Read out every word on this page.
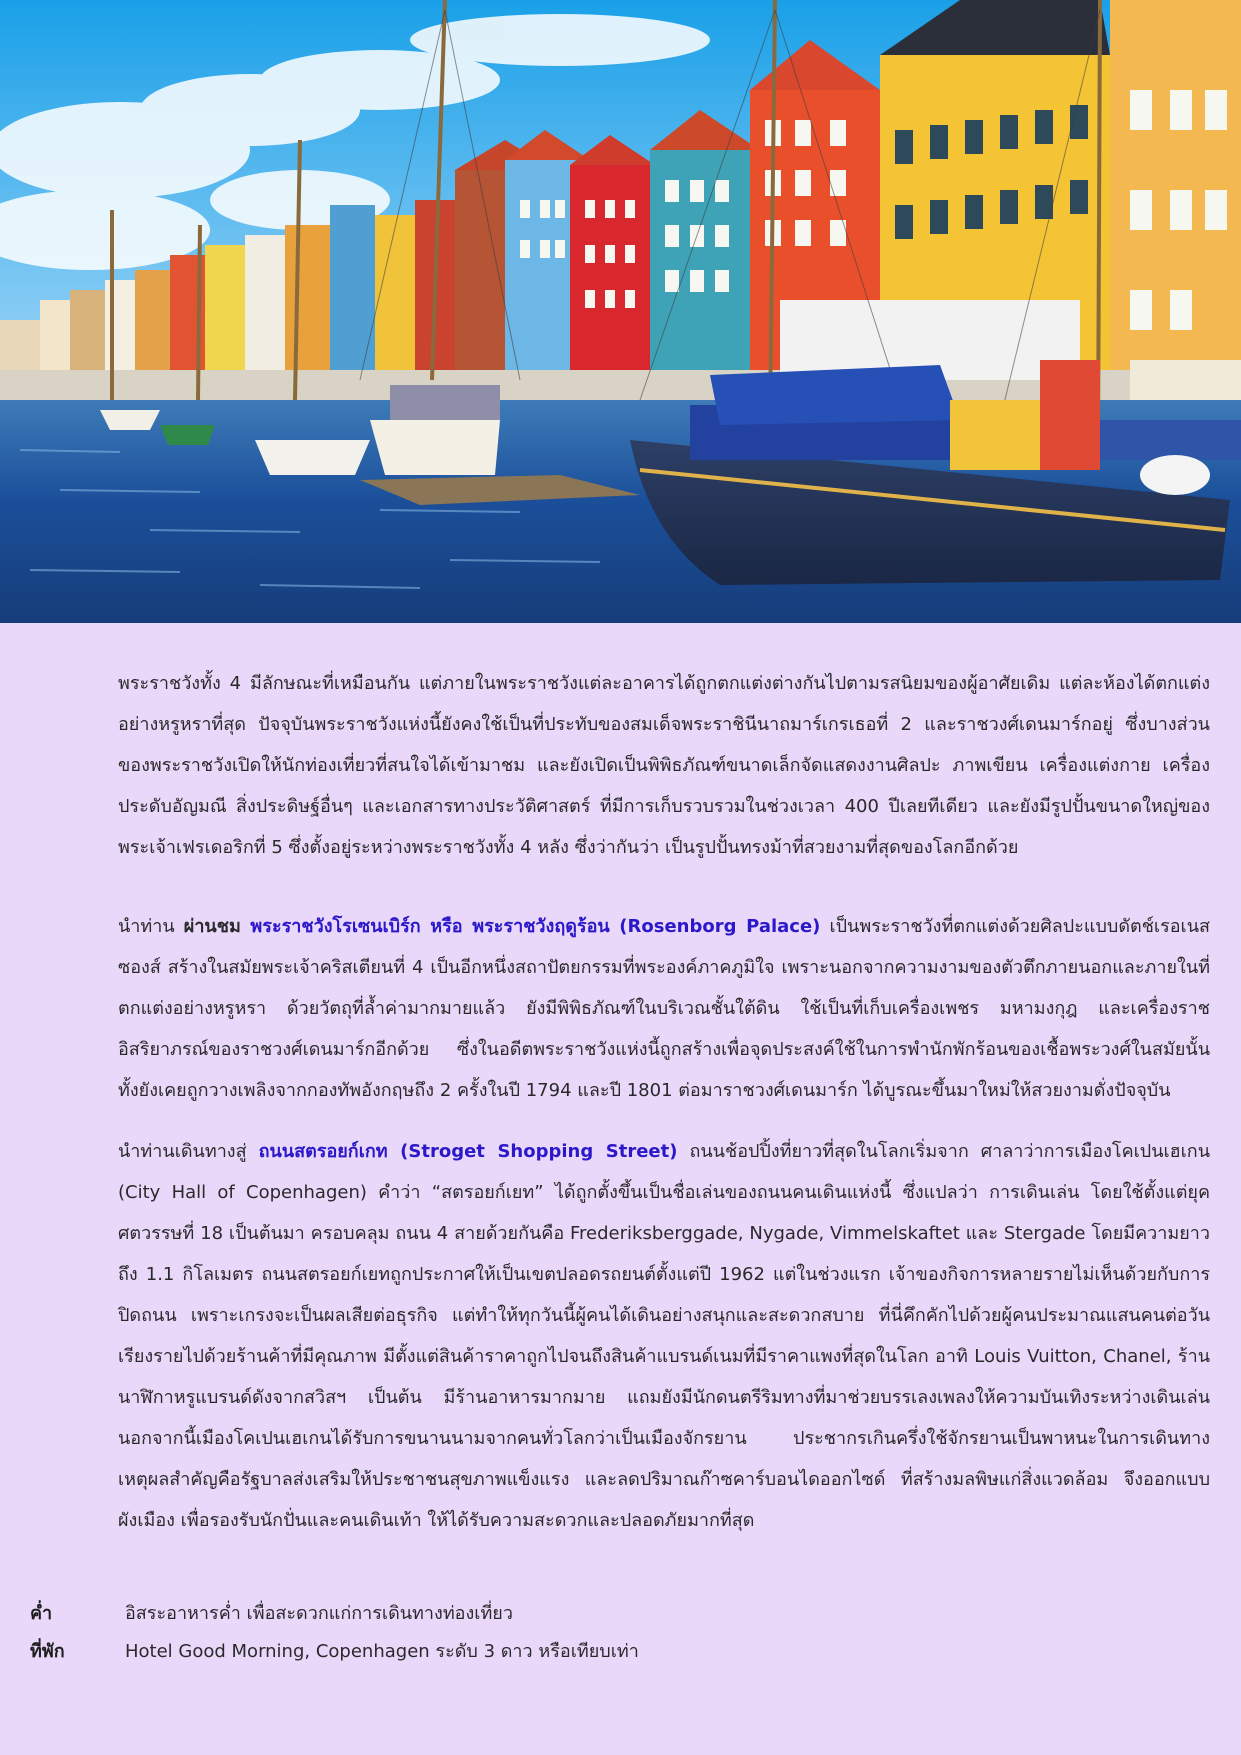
พระราชวังทั้ง 4 มีลักษณะที่เหมือนกัน แต่ภายในพระราชวังแต่ละอาคารได้ถูกตกแต่งต่างกันไปตามรสนิยมของผู้อาศัยเดิม แต่ละห้องได้ตกแต่งอย่างหรูหราที่สุด ปัจจุบันพระราชวังแห่งนี้ยังคงใช้เป็นที่ประทับของสมเด็จพระราชินีนาถมาร์เกรเธอที่ 2 และราชวงศ์เดนมาร์กอยู่ ซึ่งบางส่วนของพระราชวังเปิดให้นักท่องเที่ยวที่สนใจได้เข้ามาชม และยังเปิดเป็นพิพิธภัณฑ์ขนาดเล็กจัดแสดงงานศิลปะ ภาพเขียน เครื่องแต่งกาย เครื่องประดับอัญมณี สิ่งประดิษฐ์อื่นๆ และเอกสารทางประวัติศาสตร์ ที่มีการเก็บรวบรวมในช่วงเวลา 400 ปีเลยทีเดียว และยังมีรูปปั้นขนาดใหญ่ของพระเจ้าเฟรเดอริกที่ 5 ซึ่งตั้งอยู่ระหว่างพระราชวังทั้ง 4 หลัง ซึ่งว่ากันว่า เป็นรูปปั้นทรงม้าที่สวยงามที่สุดของโลกอีกด้วย

นำท่าน ผ่านชม พระราชวังโรเซนเบิร์ก หรือ พระราชวังฤดูร้อน (Rosenborg Palace) เป็นพระราชวังที่ตกแต่งด้วยศิลปะแบบดัตช์เรอเนสซองส์ สร้างในสมัยพระเจ้าคริสเตียนที่ 4 เป็นอีกหนึ่งสถาปัตยกรรมที่พระองค์ภาคภูมิใจ เพราะนอกจากความงามของตัวตึกภายนอกและภายในที่ตกแต่งอย่างหรูหรา ด้วยวัตถุที่ล้ำค่ามากมายแล้ว ยังมีพิพิธภัณฑ์ในบริเวณชั้นใต้ดิน ใช้เป็นที่เก็บเครื่องเพชร มหามงกุฎ และเครื่องราชอิสริยาภรณ์ของราชวงศ์เดนมาร์กอีกด้วย ซึ่งในอดีตพระราชวังแห่งนี้ถูกสร้างเพื่อจุดประสงค์ใช้ในการพำนักพักร้อนของเชื้อพระวงศ์ในสมัยนั้น ทั้งยังเคยถูกวางเพลิงจากกองทัพอังกฤษถึง 2 ครั้งในปี 1794 และปี 1801 ต่อมาราชวงศ์เดนมาร์ก ได้บูรณะขึ้นมาใหม่ให้สวยงามดั่งปัจจุบัน

นำท่านเดินทางสู่ ถนนสตรอยก์เกท (Stroget Shopping Street) ถนนช้อปปิ้งที่ยาวที่สุดในโลกเริ่มจาก ศาลาว่าการเมืองโคเปนเฮเกน (City Hall of Copenhagen) คำว่า “สตรอยก์เยท” ได้ถูกตั้งขึ้นเป็นชื่อเล่นของถนนคนเดินแห่งนี้ ซึ่งแปลว่า การเดินเล่น โดยใช้ตั้งแต่ยุคศตวรรษที่ 18 เป็นต้นมา ครอบคลุม ถนน 4 สายด้วยกันคือ Frederiksberggade, Nygade, Vimmelskaftet และ Stergade โดยมีความยาวถึง 1.1 กิโลเมตร ถนนสตรอยก์เยทถูกประกาศให้เป็นเขตปลอดรถยนต์ตั้งแต่ปี 1962 แต่ในช่วงแรก เจ้าของกิจการหลายรายไม่เห็นด้วยกับการปิดถนน เพราะเกรงจะเป็นผลเสียต่อธุรกิจ แต่ทำให้ทุกวันนี้ผู้คนได้เดินอย่างสนุกและสะดวกสบาย ที่นี่คึกคักไปด้วยผู้คนประมาณแสนคนต่อวัน เรียงรายไปด้วยร้านค้าที่มีคุณภาพ มีตั้งแต่สินค้าราคาถูกไปจนถึงสินค้าแบรนด์เนมที่มีราคาแพงที่สุดในโลก อาทิ Louis Vuitton, Chanel, ร้านนาฬิกาหรูแบรนด์ดังจากสวิสฯ เป็นต้น มีร้านอาหารมากมาย แถมยังมีนักดนตรีริมทางที่มาช่วยบรรเลงเพลงให้ความบันเทิงระหว่างเดินเล่น นอกจากนี้เมืองโคเปนเฮเกนได้รับการขนานนามจากคนทั่วโลกว่าเป็นเมืองจักรยาน ประชากรเกินครึ่งใช้จักรยานเป็นพาหนะในการเดินทาง เหตุผลสำคัญคือรัฐบาลส่งเสริมให้ประชาชนสุขภาพแข็งแรง และลดปริมาณก๊าซคาร์บอนไดออกไซด์ ที่สร้างมลพิษแก่สิ่งแวดล้อม จึงออกแบบผังเมือง เพื่อรองรับนักปั่นและคนเดินเท้า ให้ได้รับความสะดวกและปลอดภัยมากที่สุด

ค่ำ	อิสระอาหารค่ำ เพื่อสะดวกแก่การเดินทางท่องเที่ยว
ที่พัก	Hotel Good Morning, Copenhagen ระดับ 3 ดาว หรือเทียบเท่า
